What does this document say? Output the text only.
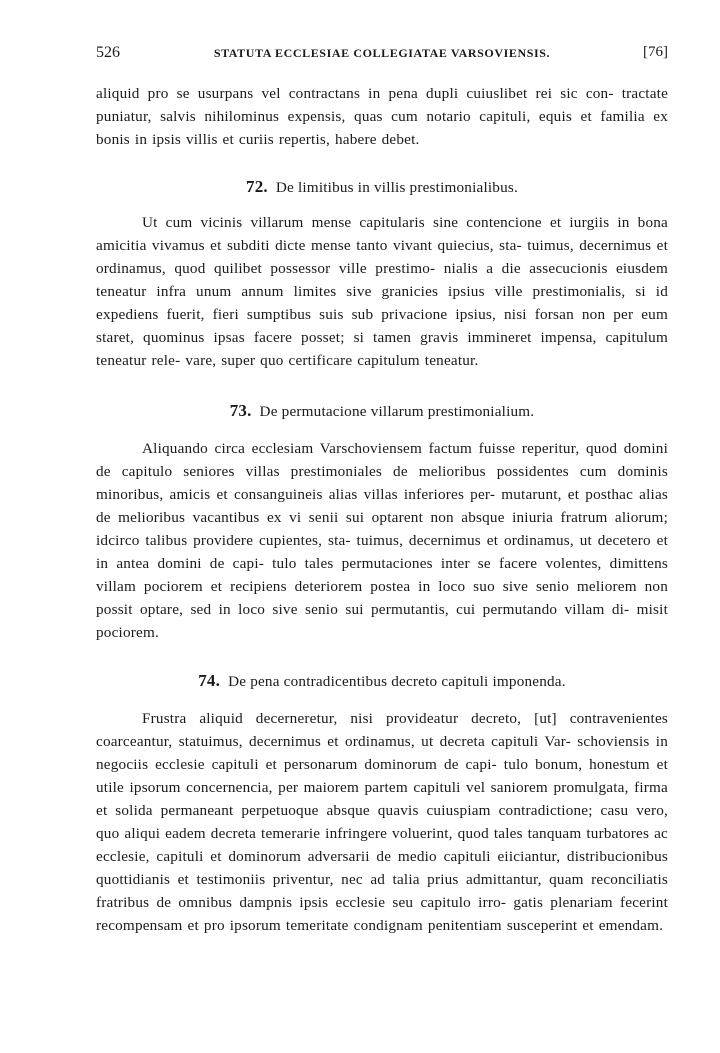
526	STATUTA ECCLESIAE COLLEGIATAE VARSOVIENSIS.	[76]

aliquid pro se usurpans vel contractans in pena dupli cuiuslibet rei sic con- tractate puniatur, salvis nihilominus expensis, quas cum notario capituli, equis et familia ex bonis in ipsis villis et curiis repertis, habere debet.

72. De limitibus in villis prestimonialibus.

Ut cum vicinis villarum mense capitularis sine contencione et iurgiis in bona amicitia vivamus et subditi dicte mense tanto vivant quiecius, sta- tuimus, decernimus et ordinamus, quod quilibet possessor ville prestimo- nialis a die assecucionis eiusdem teneatur infra unum annum limites sive granicies ipsius ville prestimonialis, si id expediens fuerit, fieri sumptibus suis sub privacione ipsius, nisi forsan non per eum staret, quominus ipsas facere posset; si tamen gravis immineret impensa, capitulum teneatur rele- vare, super quo certificare capitulum teneatur.

73. De permutacione villarum prestimonialium.

Aliquando circa ecclesiam Varschoviensem factum fuisse reperitur, quod domini de capitulo seniores villas prestimoniales de melioribus possidentes cum dominis minoribus, amicis et consanguineis alias villas inferiores per- mutarunt, et posthac alias de melioribus vacantibus ex vi senii sui optarent non absque iniuria fratrum aliorum; idcirco talibus providere cupientes, sta- tuimus, decernimus et ordinamus, ut decetero et in antea domini de capi- tulo tales permutaciones inter se facere volentes, dimittens villam pociorem et recipiens deteriorem postea in loco suo sive senio meliorem non possit optare, sed in loco sive senio sui permutantis, cui permutando villam di- misit pociorem.

74. De pena contradicentibus decreto capituli imponenda.

Frustra aliquid decerneretur, nisi provideatur decreto, [ut] contravenientes coarceantur, statuimus, decernimus et ordinamus, ut decreta capituli Var- schoviensis in negociis ecclesie capituli et personarum dominorum de capi- tulo bonum, honestum et utile ipsorum concernencia, per maiorem partem capituli vel saniorem promulgata, firma et solida permaneant perpetuoque absque quavis cuiuspiam contradictione; casu vero, quo aliqui eadem decreta temerarie infringere voluerint, quod tales tanquam turbatores ac ecclesie, capituli et dominorum adversarii de medio capituli eiiciantur, distribucionibus quottidianis et testimoniis priventur, nec ad talia prius admittantur, quam reconciliatis fratribus de omnibus dampnis ipsis ecclesie seu capitulo irro- gatis plenariam fecerint recompensam et pro ipsorum temeritate condignam penitentiam susceperint et emendam.
